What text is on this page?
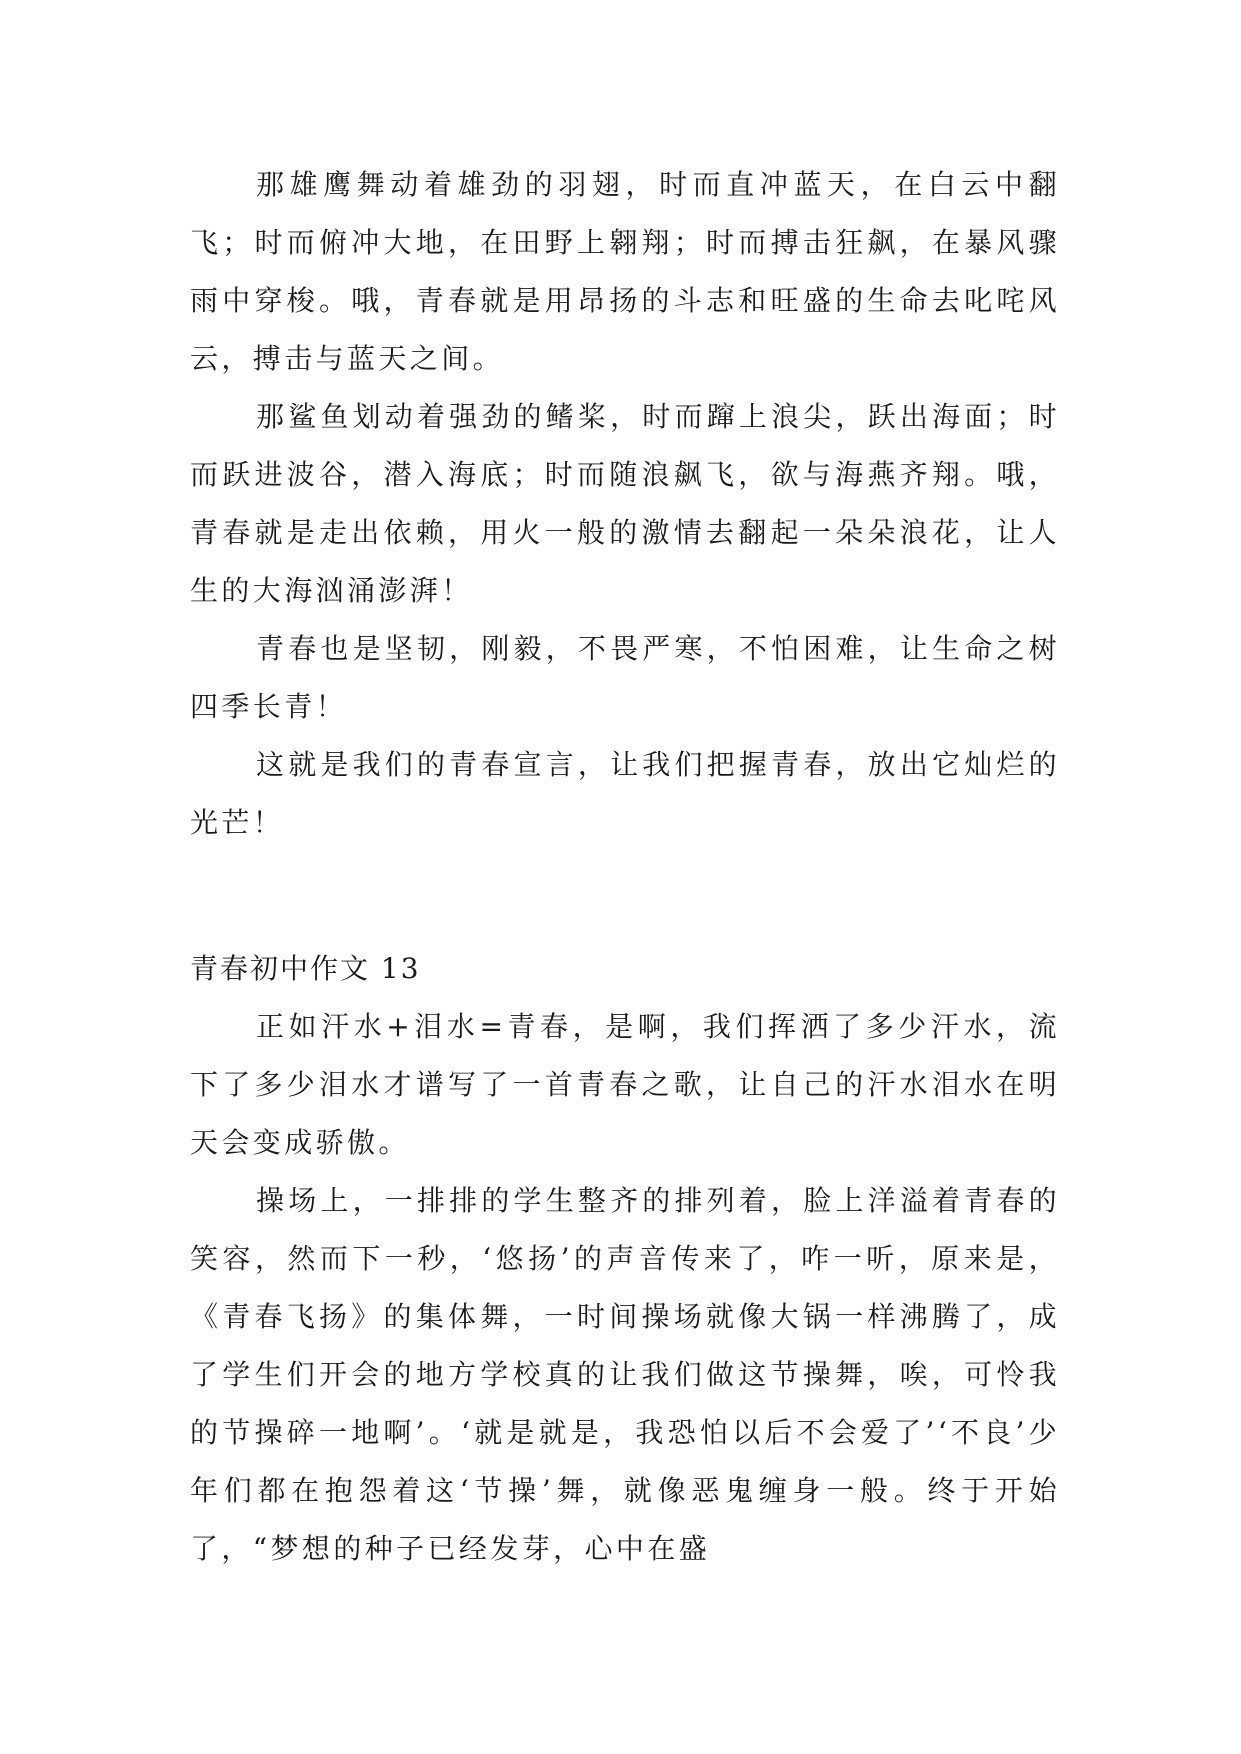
那雄鹰舞动着雄劲的羽翅，时而直冲蓝天，在白云中翻飞；时而俯冲大地，在田野上翱翔；时而搏击狂飙，在暴风骤雨中穿梭。哦，青春就是用昂扬的斗志和旺盛的生命去叱咤风云，搏击与蓝天之间。

那鲨鱼划动着强劲的鳍桨，时而蹿上浪尖，跃出海面；时而跃进波谷，潜入海底；时而随浪飙飞，欲与海燕齐翔。哦，青春就是走出依赖，用火一般的激情去翻起一朵朵浪花，让人生的大海汹涌澎湃！

青春也是坚韧，刚毅，不畏严寒，不怕困难，让生命之树四季长青！

这就是我们的青春宣言，让我们把握青春，放出它灿烂的光芒！

青春初中作文 13

正如汗水+泪水=青春，是啊，我们挥洒了多少汗水，流下了多少泪水才谱写了一首青春之歌，让自己的汗水泪水在明天会变成骄傲。

操场上，一排排的学生整齐的排列着，脸上洋溢着青春的笑容，然而下一秒，‘悠扬’的声音传来了，咋一听，原来是，《青春飞扬》的集体舞，一时间操场就像大锅一样沸腾了，成了学生们开会的地方学校真的让我们做这节操舞，唉，可怜我的节操碎一地啊’。‘就是就是，我恐怕以后不会爱了’‘不良’少年们都在抱怨着这‘节操’舞，就像恶鬼缠身一般。终于开始了，“梦想的种子已经发芽，心中在盛
